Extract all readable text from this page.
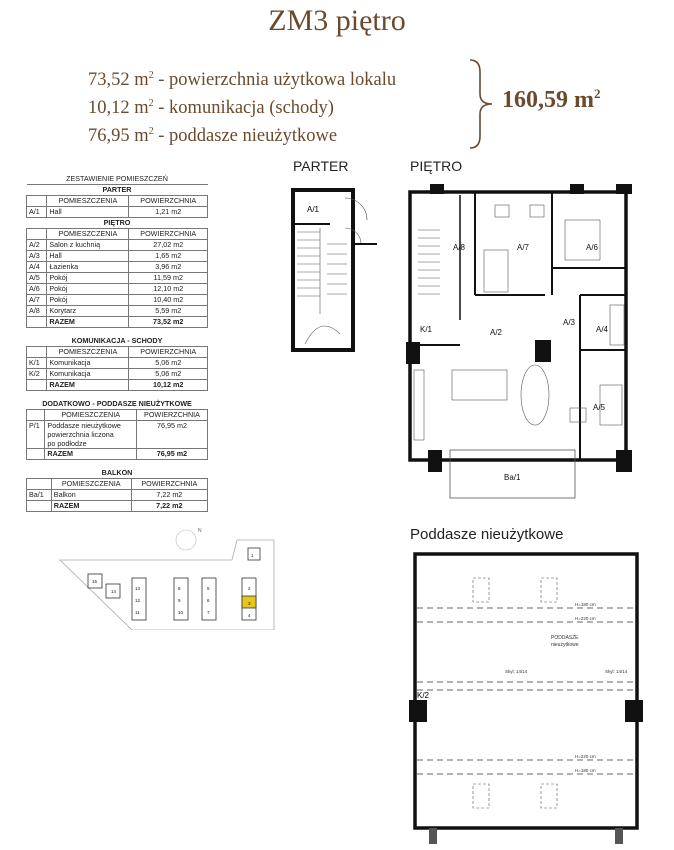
ZM3 piętro
73,52 $m^2$ - powierzchnia użytkowa lokalu
10,12 $m^2$ - komunikacja (schody)
76,95 $m^2$ - poddasze nieużytkowe
160,59 $m^2$
ZESTAWIENIE POMIESZCZEŃ		
PARTER		
	POMIESZCZENIA	POWIERZCHNIA
A/1	Hall	1,21 m2
PIĘTRO		
	POMIESZCZENIA	POWIERZCHNIA
A/2	Salon z kuchnią	27,02 m2
A/3	Hall	1,65 m2
A/4	Łazienka	3,96 m2
A/5	Pokój	11,59 m2
A/6	Pokój	12,10 m2
A/7	Pokój	10,40 m2
A/8	Korytarz	5,59 m2
	RAZEM	73,52 m2
KOMUNIKACJA - SCHODY		
	POMIESZCZENIA	POWIERZCHNIA
K/1	Komunikacja	5,06 m2
K/2	Komunikacja	5,06 m2
	RAZEM	10,12 m2
DODATKOWO - PODDASZE NIEUŻYTKOWE		
	POMIESZCZENIA	POWIERZCHNIA
P/1	Poddasze nieużytkowe
powierzchnia liczona
po podłodze	76,95 m2
	RAZEM	76,95 m2
BALKON		
	POMIESZCZENIA	POWIERZCHNIA
Ba/1	Balkon	7,22 m2
	RAZEM	7,22 m2
PARTER	PIĘTRO
Poddasze nieużytkowe
A/1
A/8	A/7	A/6
A/2
A/3
A/4
A/5
K/1
Ba/1
H=180 cm
H=220 cm
H=220 cm
H=180 cm
Skyl: 14/14	Skyl: 14/14
PODDASZE
nieużytkowe
K/2
N
1
2
3
4
5
6
7
8
9
10
11
12
13
15
14
